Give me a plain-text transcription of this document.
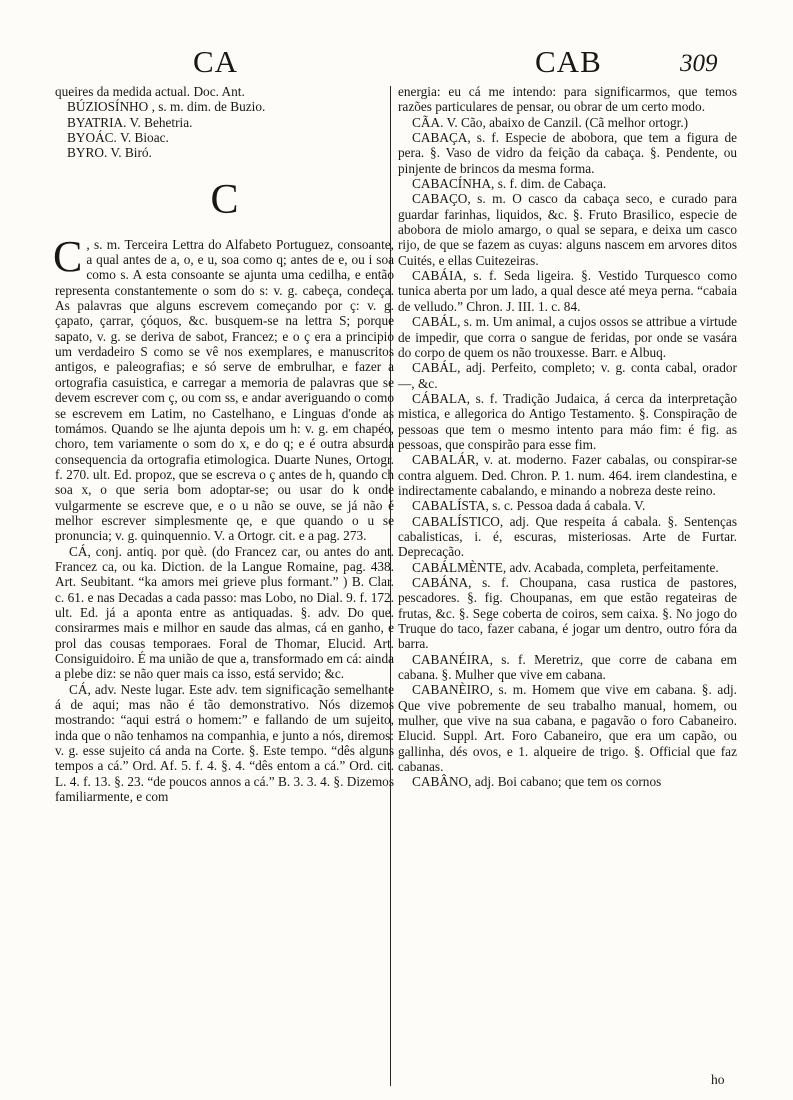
CA	CAB	309

queires da medida actual. Doc. Ant.

BÚZIOSÍNHO , s. m. dim. de Buzio.

BYATRIA. V. Behetria.

BYOÁC. V. Bioac.

BYRO. V. Biró.

C

C , s. m. Terceira Lettra do Alfabeto Portuguez, consoante, a qual antes de a, o, e u, soa como q; antes de e, ou i soa como s. A esta consoante se ajunta uma cedilha, e então representa constantemente o som do s: v. g. cabeça, condeça. As palavras que alguns escrevem começando por ç: v. g. çapato, çarrar, çóquos, &c. busquem-se na lettra S; porque sapato, v. g. se deriva de sabot, Francez; e o ç era a principio um verdadeiro S como se vê nos exemplares, e manuscritos antigos, e paleografias; e só serve de embrulhar, e fazer a ortografia casuistica, e carregar a memoria de palavras que se devem escrever com ç, ou com ss, e andar averiguando o como se escrevem em Latim, no Castelhano, e Linguas d'onde as tomámos. Quando se lhe ajunta depois um h: v. g. em chapéo, choro, tem variamente o som do x, e do q; e é outra absurda consequencia da ortografia etimologica. Duarte Nunes, Ortogr. f. 270. ult. Ed. propoz, que se escreva o ç antes de h, quando ch soa x, o que seria bom adoptar-se; ou usar do k onde vulgarmente se escreve que, e o u não se ouve, se já não é melhor escrever simplesmente qe, e que quando o u se pronuncia; v. g. quinquennio. V. a Ortogr. cit. e a pag. 273.

CÁ, conj. antiq. por què. (do Francez car, ou antes do ant. Francez ca, ou ka. Diction. de la Langue Romaine, pag. 438. Art. Seubitant. “ka amors mei grieve plus formant.” ) B. Clar. c. 61. e nas Decadas a cada passo: mas Lobo, no Dial. 9. f. 172. ult. Ed. já a aponta entre as antiquadas. §. adv. Do que. consirarmes mais e milhor en saude das almas, cá en ganho, e prol das cousas temporaes. Foral de Thomar, Elucid. Art. Consiguidoiro. É ma união de que a, transformado em cá: ainda a plebe diz: se não quer mais ca isso, está servido; &c.

CÁ, adv. Neste lugar. Este adv. tem significação semelhante á de aqui; mas não é tão demonstrativo. Nós dizemos mostrando: “aqui estrá o homem:” e fallando de um sujeito, inda que o não tenhamos na companhia, e junto a nós, diremos: v. g. esse sujeito cá anda na Corte. §. Este tempo. “dês alguns tempos a cá.” Ord. Af. 5. f. 4. §. 4. “dês entom a cá.” Ord. cit. L. 4. f. 13. §. 23. “de poucos annos a cá.” B. 3. 3. 4. §. Dizemos familiarmente, e com

energia: eu cá me intendo: para significarmos, que temos razões particulares de pensar, ou obrar de um certo modo.

CÃA. V. Cão, abaixo de Canzil. (Cã melhor ortogr.)

CABAÇA, s. f. Especie de abobora, que tem a figura de pera. §. Vaso de vidro da feição da cabaça. §. Pendente, ou pinjente de brincos da mesma forma.

CABACÍNHA, s. f. dim. de Cabaça.

CABAÇO, s. m. O casco da cabaça seco, e curado para guardar farinhas, liquidos, &c. §. Fruto Brasilico, especie de abobora de miolo amargo, o qual se separa, e deixa um casco rijo, de que se fazem as cuyas: alguns nascem em arvores ditos Cuités, e ellas Cuitezeiras.

CABÁIA, s. f. Seda ligeira. §. Vestido Turquesco como tunica aberta por um lado, a qual desce até meya perna. “cabaia de velludo.” Chron. J. III. 1. c. 84.

CABÁL, s. m. Um animal, a cujos ossos se attribue a virtude de impedir, que corra o sangue de feridas, por onde se vasára do corpo de quem os não trouxesse. Barr. e Albuq.

CABÁL, adj. Perfeito, completo; v. g. conta cabal, orador —, &c.

CÁBALA, s. f. Tradição Judaica, á cerca da interpretação mistica, e allegorica do Antigo Testamento. §. Conspiração de pessoas que tem o mesmo intento para máo fim: é fig. as pessoas, que conspirão para esse fim.

CABALÁR, v. at. moderno. Fazer cabalas, ou conspirar-se contra alguem. Ded. Chron. P. 1. num. 464. irem clandestina, e indirectamente cabalando, e minando a nobreza deste reino.

CABALÍSTA, s. c. Pessoa dada á cabala. V.

CABALÍSTICO, adj. Que respeita á cabala. §. Sentenças cabalisticas, i. é, escuras, misteriosas. Arte de Furtar. Deprecação.

CABÁLMÈNTE, adv. Acabada, completa, perfeitamente.

CABÁNA, s. f. Choupana, casa rustica de pastores, pescadores. §. fig. Choupanas, em que estão regateiras de frutas, &c. §. Sege coberta de coiros, sem caixa. §. No jogo do Truque do taco, fazer cabana, é jogar um dentro, outro fóra da barra.

CABANÉIRA, s. f. Meretriz, que corre de cabana em cabana. §. Mulher que vive em cabana.

CABANÈIRO, s. m. Homem que vive em cabana. §. adj. Que vive pobremente de seu trabalho manual, homem, ou mulher, que vive na sua cabana, e pagavão o foro Cabaneiro. Elucid. Suppl. Art. Foro Cabaneiro, que era um capão, ou gallinha, dés ovos, e 1. alqueire de trigo. §. Official que faz cabanas.

CABÂNO, adj. Boi cabano; que tem os cornos

ho
